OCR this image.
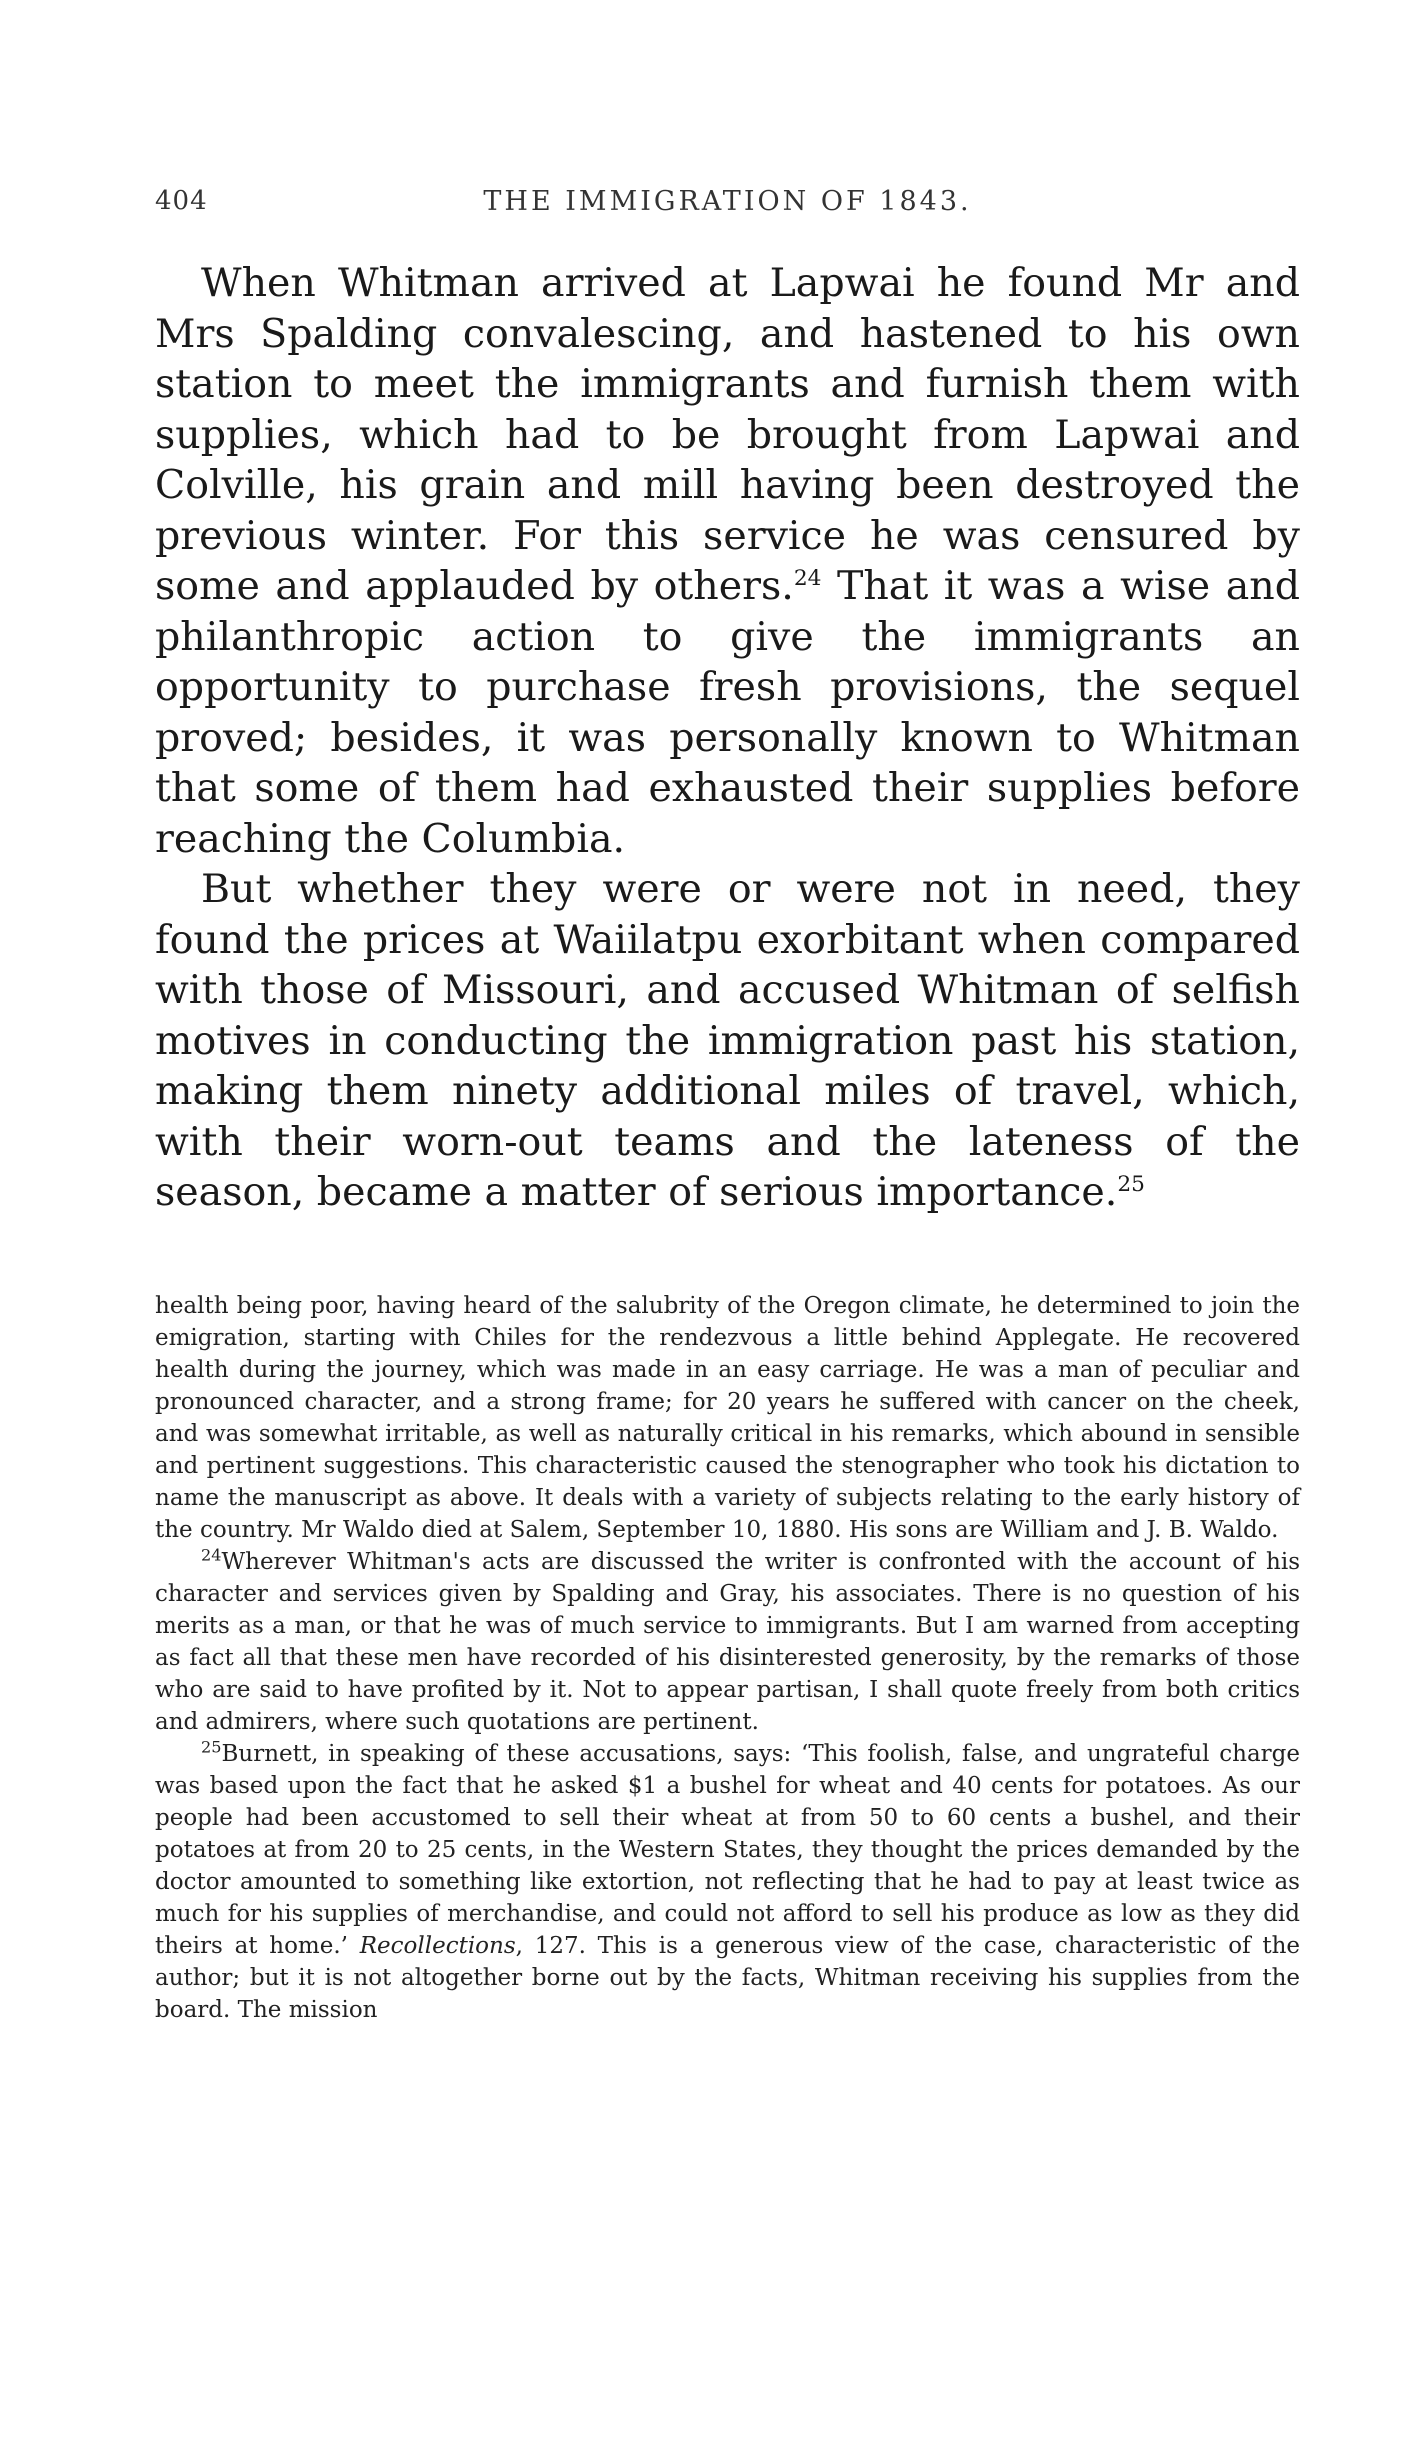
404	THE IMMIGRATION OF 1843.

When Whitman arrived at Lapwai he found Mr and Mrs Spalding convalescing, and hastened to his own station to meet the immigrants and furnish them with supplies, which had to be brought from Lapwai and Colville, his grain and mill having been destroyed the previous winter. For this service he was censured by some and applauded by others.$^{24}$ That it was a wise and philanthropic action to give the immigrants an opportunity to purchase fresh provisions, the sequel proved; besides, it was personally known to Whitman that some of them had exhausted their supplies before reaching the Columbia.

But whether they were or were not in need, they found the prices at Waiilatpu exorbitant when compared with those of Missouri, and accused Whitman of selfish motives in conducting the immigration past his station, making them ninety additional miles of travel, which, with their worn-out teams and the lateness of the season, became a matter of serious importance.$^{25}$

health being poor, having heard of the salubrity of the Oregon climate, he determined to join the emigration, starting with Chiles for the rendezvous a little behind Applegate. He recovered health during the journey, which was made in an easy carriage. He was a man of peculiar and pronounced character, and a strong frame; for 20 years he suffered with cancer on the cheek, and was somewhat irritable, as well as naturally critical in his remarks, which abound in sensible and pertinent suggestions. This characteristic caused the stenographer who took his dictation to name the manuscript as above. It deals with a variety of subjects relating to the early history of the country. Mr Waldo died at Salem, September 10, 1880. His sons are William and J. B. Waldo.

$^{24}$Wherever Whitman's acts are discussed the writer is confronted with the account of his character and services given by Spalding and Gray, his associates. There is no question of his merits as a man, or that he was of much service to immigrants. But I am warned from accepting as fact all that these men have recorded of his disinterested generosity, by the remarks of those who are said to have profited by it. Not to appear partisan, I shall quote freely from both critics and admirers, where such quotations are pertinent.

$^{25}$Burnett, in speaking of these accusations, says: ‘This foolish, false, and ungrateful charge was based upon the fact that he asked $1 a bushel for wheat and 40 cents for potatoes. As our people had been accustomed to sell their wheat at from 50 to 60 cents a bushel, and their potatoes at from 20 to 25 cents, in the Western States, they thought the prices demanded by the doctor amounted to something like extortion, not reflecting that he had to pay at least twice as much for his supplies of merchandise, and could not afford to sell his produce as low as they did theirs at home.’ Recollections, 127. This is a generous view of the case, characteristic of the author; but it is not altogether borne out by the facts, Whitman receiving his supplies from the board. The mission
